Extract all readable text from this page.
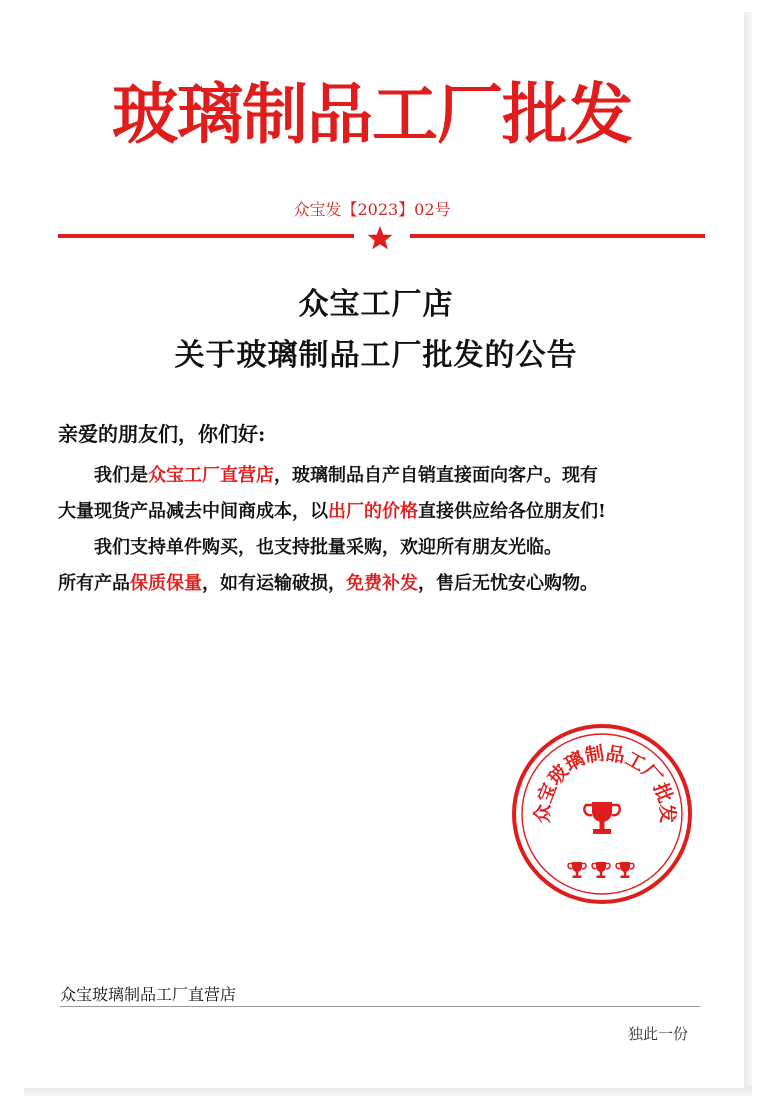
玻璃制品工厂批发
众宝发【2023】02号
众宝工厂店
关于玻璃制品工厂批发的公告
亲爱的朋友们，你们好:
我们是众宝工厂直营店，玻璃制品自产自销直接面向客户。现有
大量现货产品减去中间商成本，以出厂的价格直接供应给各位朋友们!
我们支持单件购买，也支持批量采购，欢迎所有朋友光临。
所有产品保质保量，如有运输破损，免费补发，售后无忧安心购物。
众宝玻璃制品工厂批发
众宝玻璃制品工厂直营店
独此一份
